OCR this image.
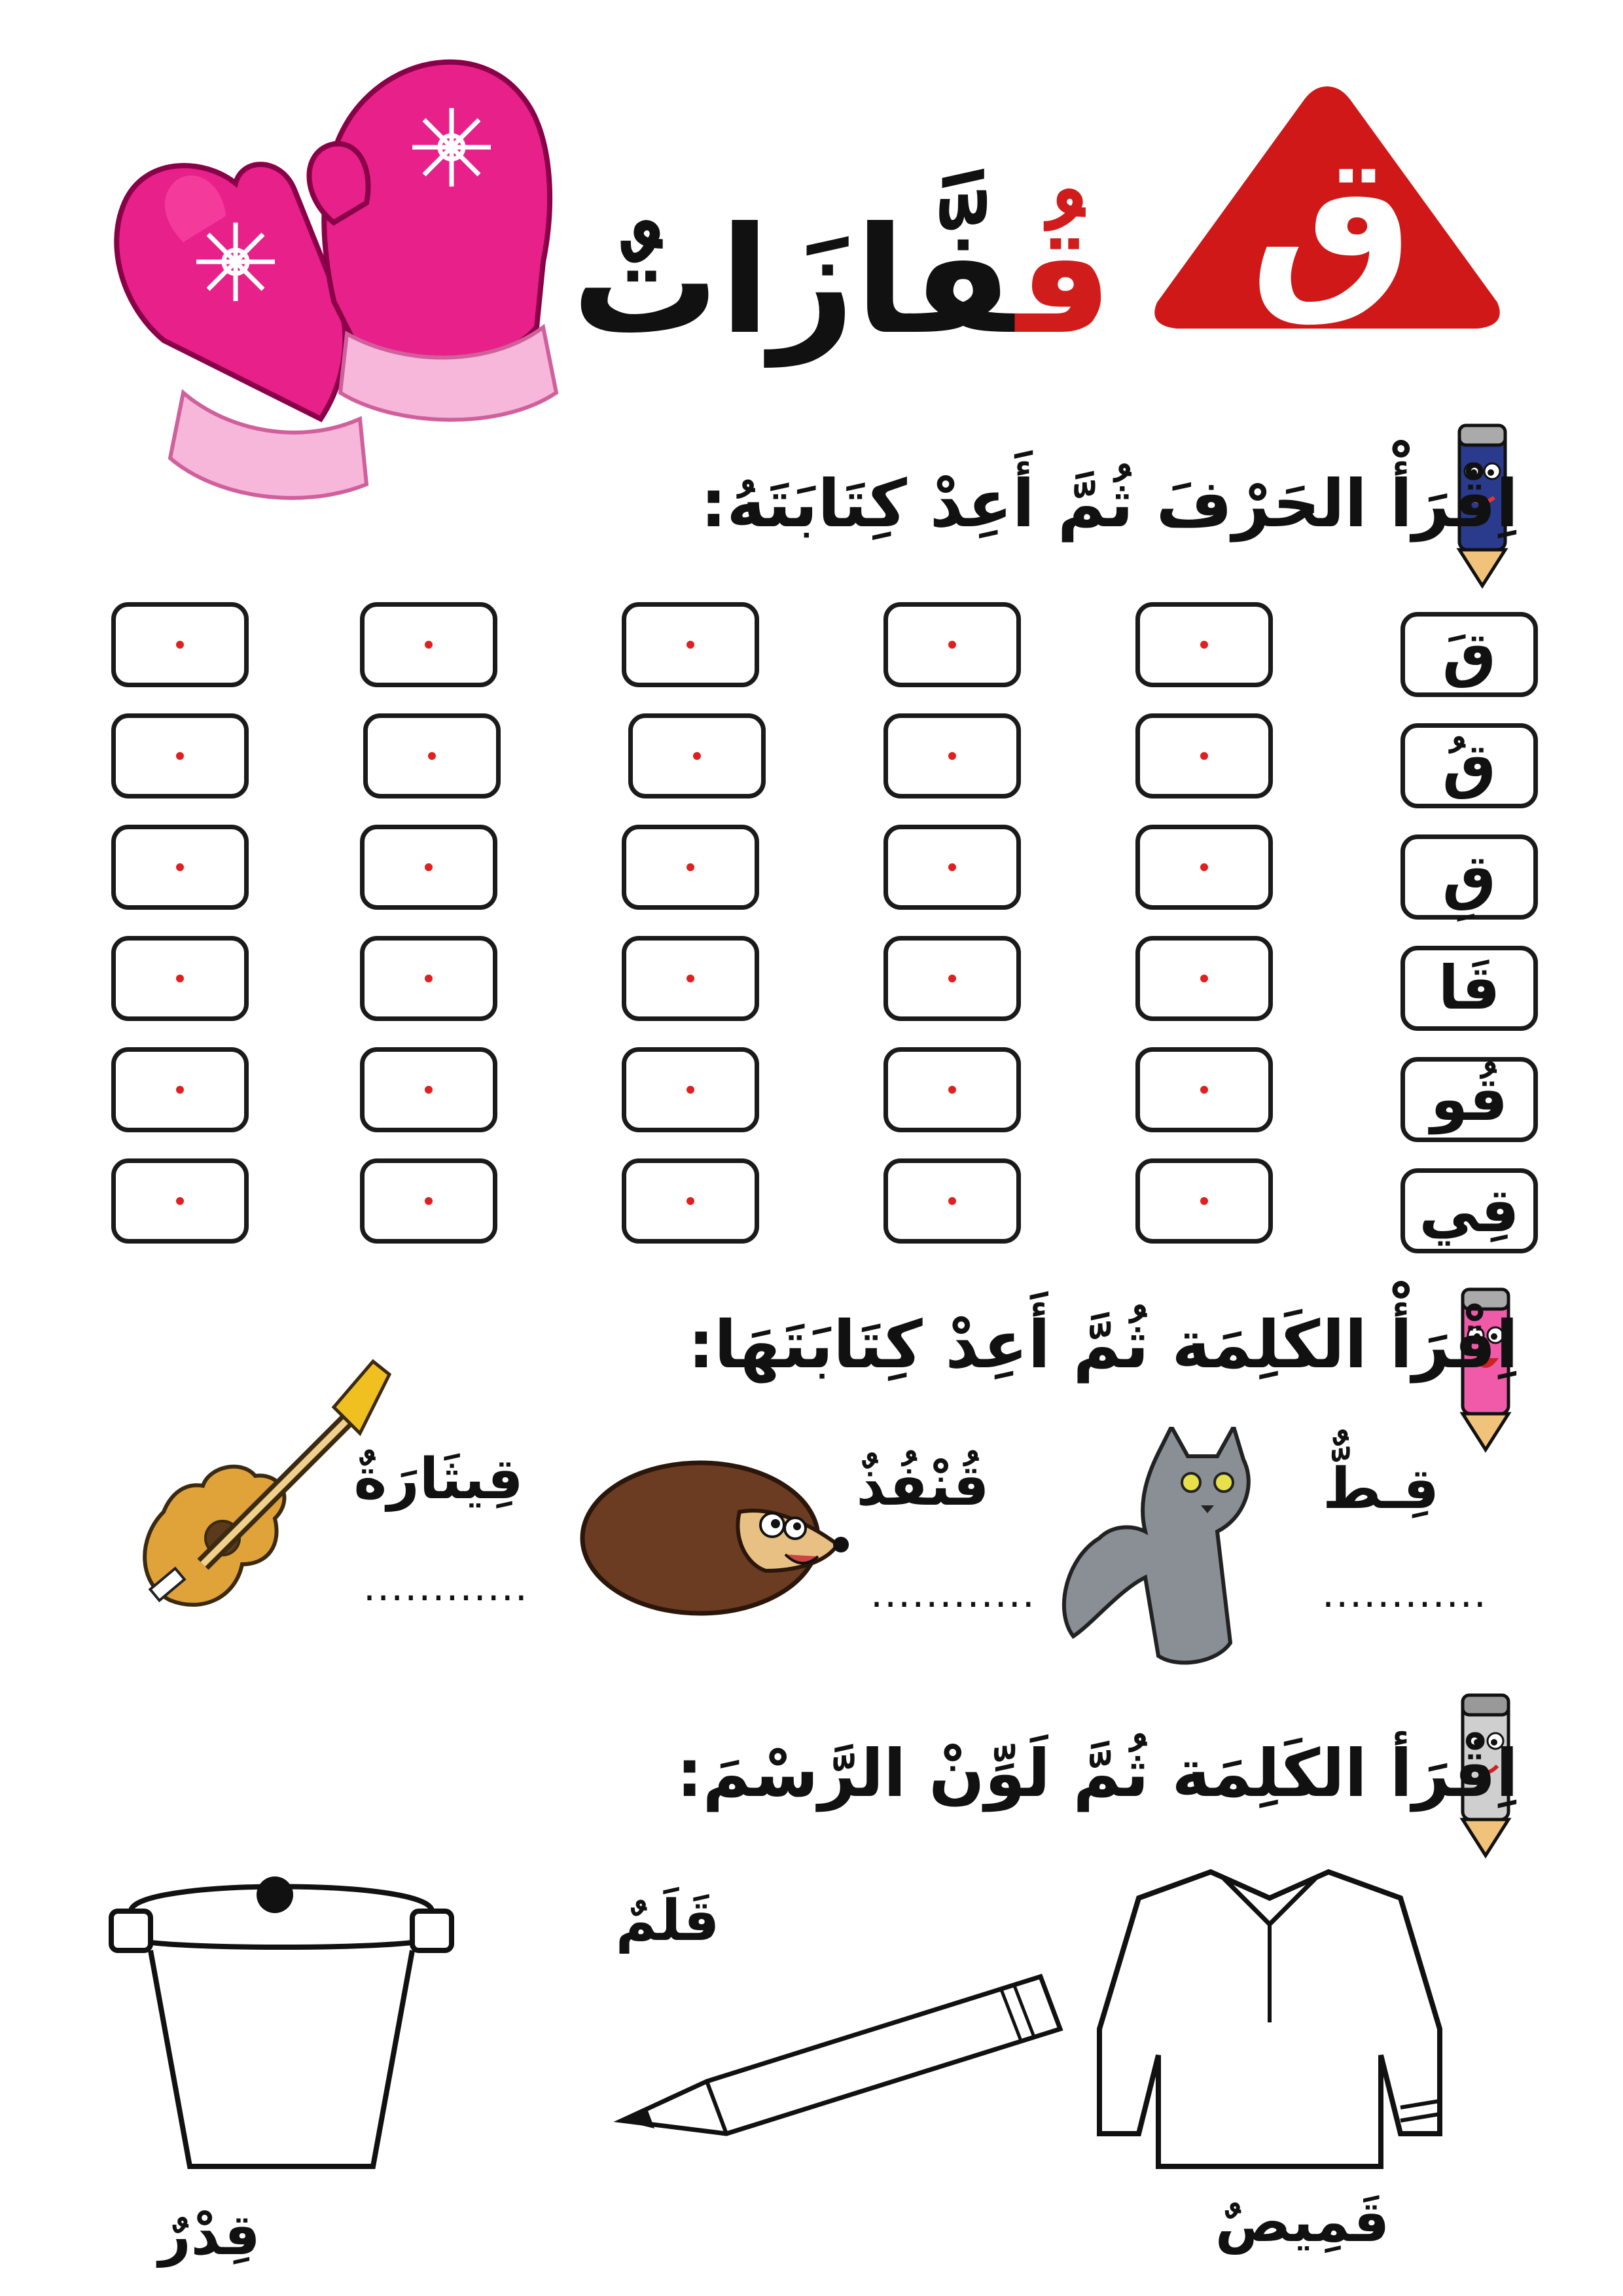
ق
قُفَّازَاتٌ
اِقْرَأْ الحَرْفَ ثُمَّ أَعِدْ كِتَابَتَهُ:
قَ
قُ
قِ
قَا
قُو
قِي
اِقْرَأْ الكَلِمَة ثُمَّ أَعِدْ كِتَابَتَهَا:
قِـطٌّ
............
قُنْفُذٌ
............
قِيثَارَةٌ
............
اِقْرَأ الكَلِمَة ثُمَّ لَوِّنْ الرَّسْمَ:
قَمِيصٌ
قَلَمٌ
قِدْرٌ
